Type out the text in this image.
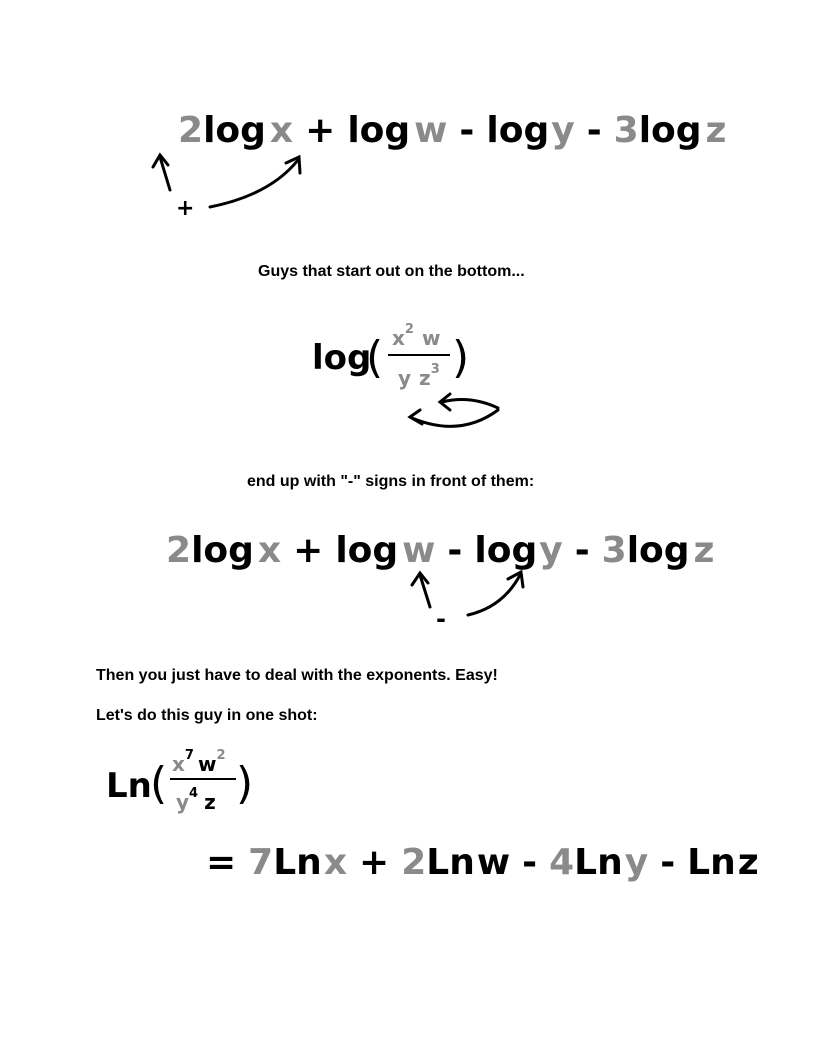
2log x + log w - logy - 3log z
+
Guys that start out on the bottom...
log
( $x^2$ w
y $z^3$ )
end up with "-" signs in front of them:
2log x + log w - logy - 3log z
-
Then you just have to deal with the exponents. Easy!
Let's do this guy in one shot:
Ln
( $x^7$ $w^2$
$y^4$ z )
= 7Lnx + 2Lnw - 4Lny - Lnz
